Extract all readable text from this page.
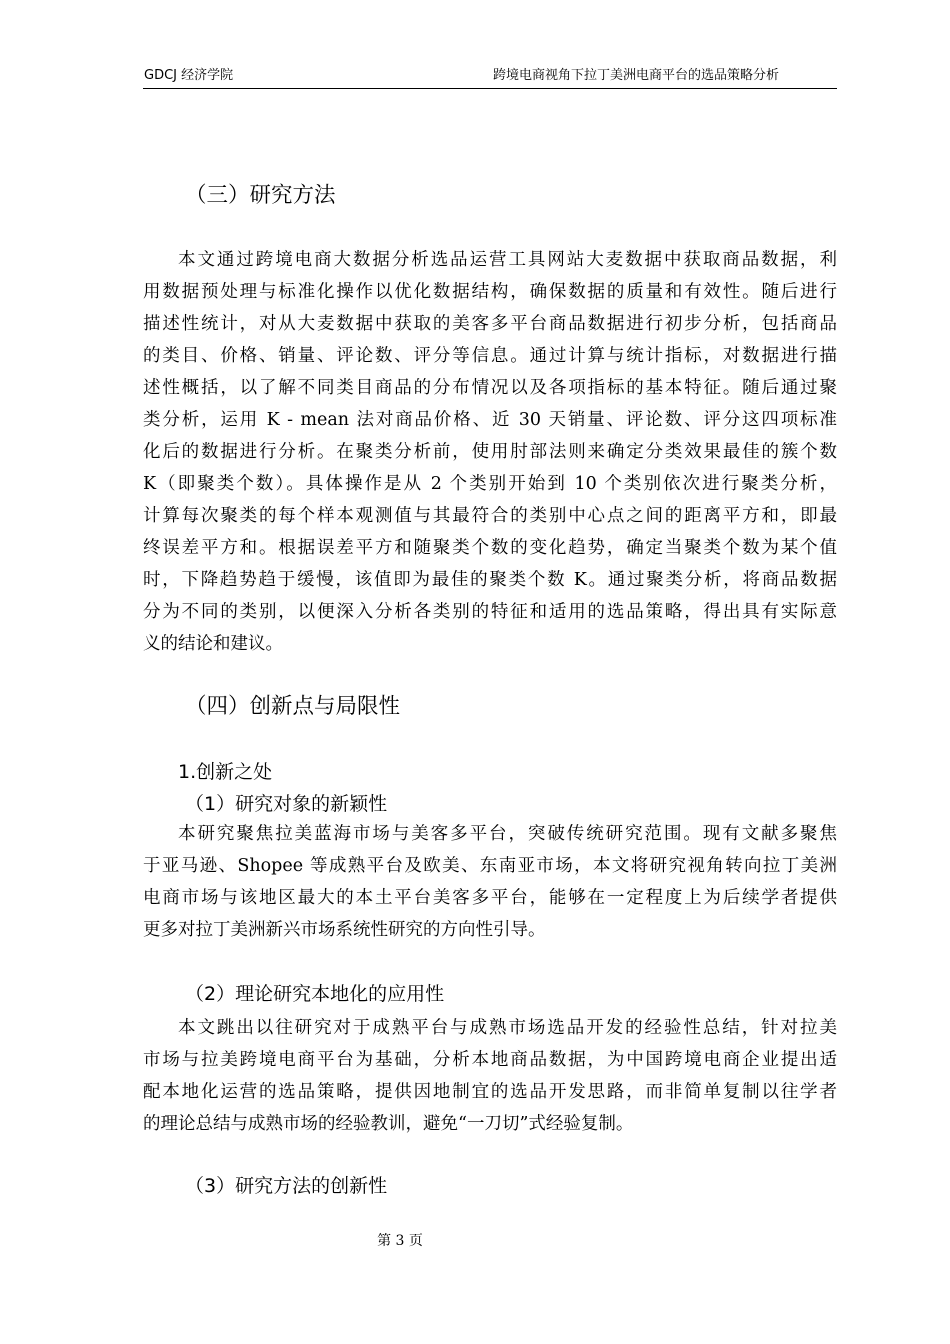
GDCJ 经济学院	跨境电商视角下拉丁美洲电商平台的选品策略分析
（三）研究方法

本文通过跨境电商大数据分析选品运营工具网站大麦数据中获取商品数据，利

用数据预处理与标准化操作以优化数据结构，确保数据的质量和有效性。随后进行

描述性统计，对从大麦数据中获取的美客多平台商品数据进行初步分析，包括商品

的类目、价格、销量、评论数、评分等信息。通过计算与统计指标，对数据进行描

述性概括，以了解不同类目商品的分布情况以及各项指标的基本特征。随后通过聚

类分析，运用 K - mean 法对商品价格、近 30 天销量、评论数、评分这四项标准

化后的数据进行分析。在聚类分析前，使用肘部法则来确定分类效果最佳的簇个数

K（即聚类个数）。具体操作是从 2 个类别开始到 10 个类别依次进行聚类分析，

计算每次聚类的每个样本观测值与其最符合的类别中心点之间的距离平方和，即最

终误差平方和。根据误差平方和随聚类个数的变化趋势，确定当聚类个数为某个值

时，下降趋势趋于缓慢，该值即为最佳的聚类个数 K。通过聚类分析，将商品数据

分为不同的类别，以便深入分析各类别的特征和适用的选品策略，得出具有实际意

义的结论和建议。

（四）创新点与局限性
1.创新之处
（1）研究对象的新颖性

本研究聚焦拉美蓝海市场与美客多平台，突破传统研究范围。现有文献多聚焦

于亚马逊、Shopee 等成熟平台及欧美、东南亚市场，本文将研究视角转向拉丁美洲

电商市场与该地区最大的本土平台美客多平台，能够在一定程度上为后续学者提供

更多对拉丁美洲新兴市场系统性研究的方向性引导。

（2）理论研究本地化的应用性

本文跳出以往研究对于成熟平台与成熟市场选品开发的经验性总结，针对拉美

市场与拉美跨境电商平台为基础，分析本地商品数据，为中国跨境电商企业提出适

配本地化运营的选品策略，提供因地制宜的选品开发思路，而非简单复制以往学者

的理论总结与成熟市场的经验教训，避免“一刀切”式经验复制。

（3）研究方法的创新性
第 3 页
